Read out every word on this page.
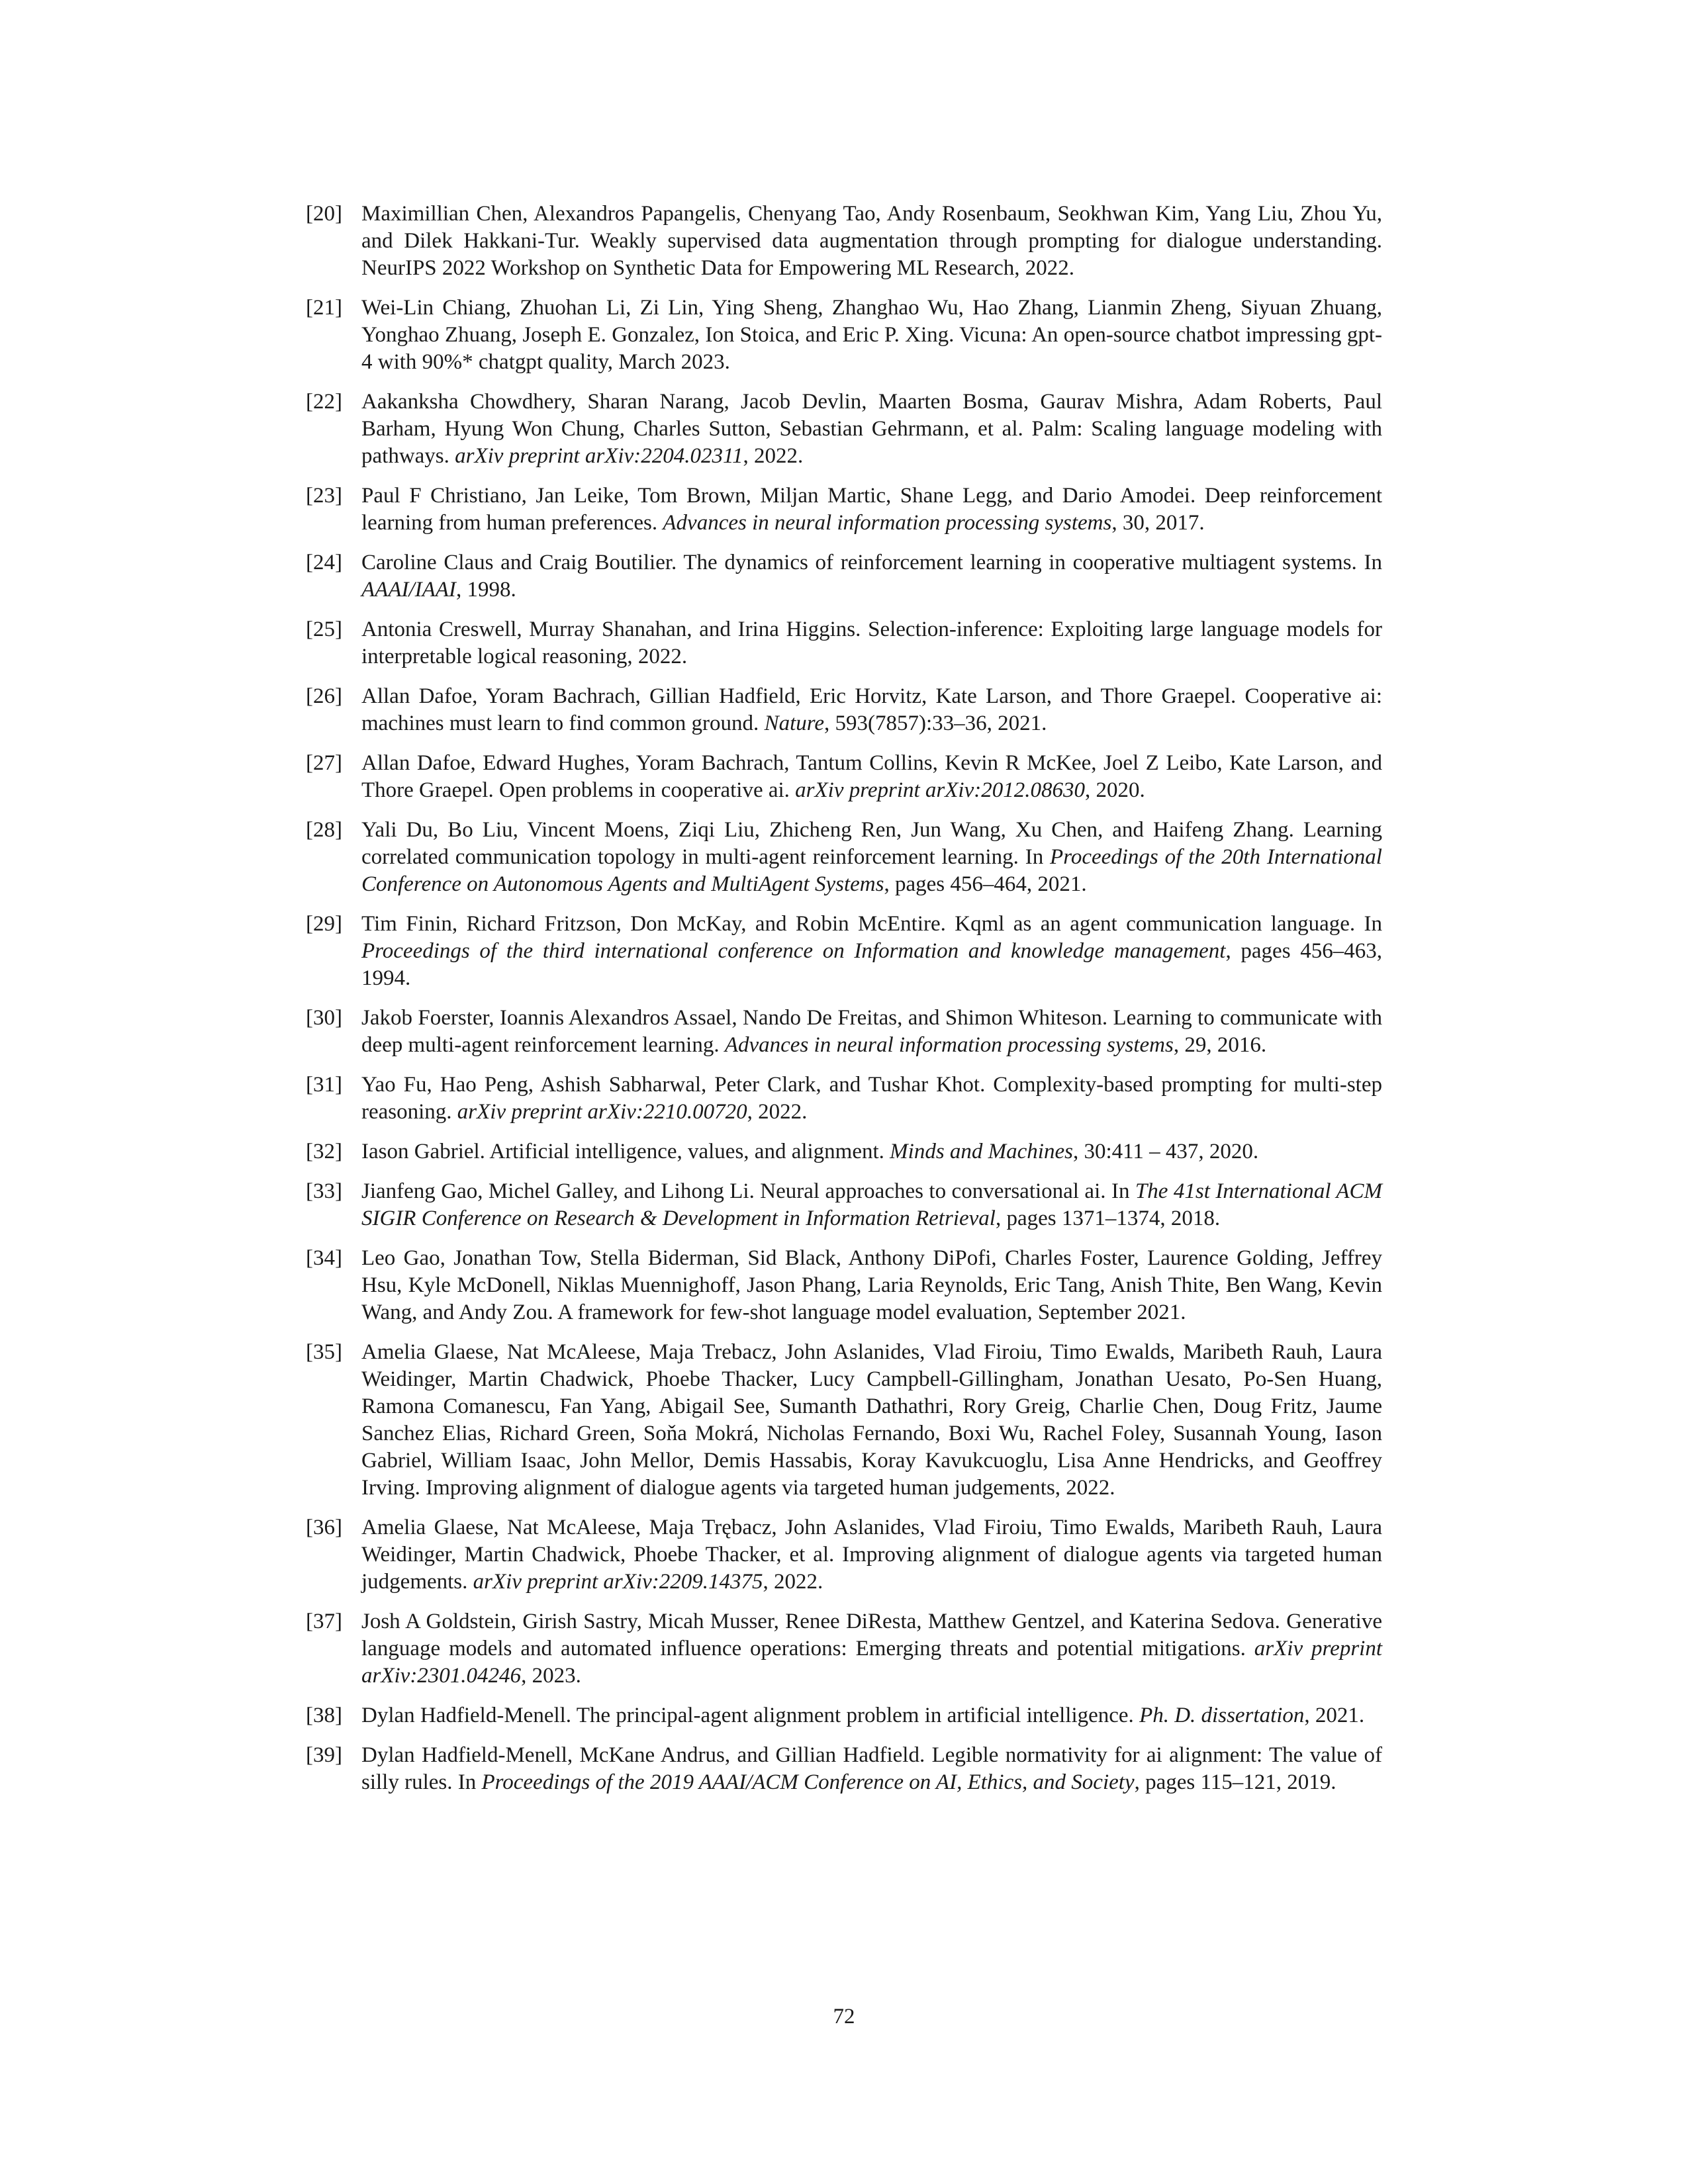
[20] Maximillian Chen, Alexandros Papangelis, Chenyang Tao, Andy Rosenbaum, Seokhwan Kim, Yang Liu, Zhou Yu, and Dilek Hakkani-Tur. Weakly supervised data augmentation through prompting for dialogue understanding. NeurIPS 2022 Workshop on Synthetic Data for Empowering ML Research, 2022.
[21] Wei-Lin Chiang, Zhuohan Li, Zi Lin, Ying Sheng, Zhanghao Wu, Hao Zhang, Lianmin Zheng, Siyuan Zhuang, Yonghao Zhuang, Joseph E. Gonzalez, Ion Stoica, and Eric P. Xing. Vicuna: An open-source chatbot impressing gpt-4 with 90%* chatgpt quality, March 2023.
[22] Aakanksha Chowdhery, Sharan Narang, Jacob Devlin, Maarten Bosma, Gaurav Mishra, Adam Roberts, Paul Barham, Hyung Won Chung, Charles Sutton, Sebastian Gehrmann, et al. Palm: Scaling language modeling with pathways. arXiv preprint arXiv:2204.02311, 2022.
[23] Paul F Christiano, Jan Leike, Tom Brown, Miljan Martic, Shane Legg, and Dario Amodei. Deep reinforcement learning from human preferences. Advances in neural information processing systems, 30, 2017.
[24] Caroline Claus and Craig Boutilier. The dynamics of reinforcement learning in cooperative multiagent systems. In AAAI/IAAI, 1998.
[25] Antonia Creswell, Murray Shanahan, and Irina Higgins. Selection-inference: Exploiting large language models for interpretable logical reasoning, 2022.
[26] Allan Dafoe, Yoram Bachrach, Gillian Hadfield, Eric Horvitz, Kate Larson, and Thore Graepel. Cooperative ai: machines must learn to find common ground. Nature, 593(7857):33–36, 2021.
[27] Allan Dafoe, Edward Hughes, Yoram Bachrach, Tantum Collins, Kevin R McKee, Joel Z Leibo, Kate Larson, and Thore Graepel. Open problems in cooperative ai. arXiv preprint arXiv:2012.08630, 2020.
[28] Yali Du, Bo Liu, Vincent Moens, Ziqi Liu, Zhicheng Ren, Jun Wang, Xu Chen, and Haifeng Zhang. Learning correlated communication topology in multi-agent reinforcement learning. In Proceedings of the 20th International Conference on Autonomous Agents and MultiAgent Systems, pages 456–464, 2021.
[29] Tim Finin, Richard Fritzson, Don McKay, and Robin McEntire. Kqml as an agent communication language. In Proceedings of the third international conference on Information and knowledge management, pages 456–463, 1994.
[30] Jakob Foerster, Ioannis Alexandros Assael, Nando De Freitas, and Shimon Whiteson. Learning to communicate with deep multi-agent reinforcement learning. Advances in neural information processing systems, 29, 2016.
[31] Yao Fu, Hao Peng, Ashish Sabharwal, Peter Clark, and Tushar Khot. Complexity-based prompting for multi-step reasoning. arXiv preprint arXiv:2210.00720, 2022.
[32] Iason Gabriel. Artificial intelligence, values, and alignment. Minds and Machines, 30:411 – 437, 2020.
[33] Jianfeng Gao, Michel Galley, and Lihong Li. Neural approaches to conversational ai. In The 41st International ACM SIGIR Conference on Research & Development in Information Retrieval, pages 1371–1374, 2018.
[34] Leo Gao, Jonathan Tow, Stella Biderman, Sid Black, Anthony DiPofi, Charles Foster, Laurence Golding, Jeffrey Hsu, Kyle McDonell, Niklas Muennighoff, Jason Phang, Laria Reynolds, Eric Tang, Anish Thite, Ben Wang, Kevin Wang, and Andy Zou. A framework for few-shot language model evaluation, September 2021.
[35] Amelia Glaese, Nat McAleese, Maja Trebacz, John Aslanides, Vlad Firoiu, Timo Ewalds, Maribeth Rauh, Laura Weidinger, Martin Chadwick, Phoebe Thacker, Lucy Campbell-Gillingham, Jonathan Uesato, Po-Sen Huang, Ramona Comanescu, Fan Yang, Abigail See, Sumanth Dathathri, Rory Greig, Charlie Chen, Doug Fritz, Jaume Sanchez Elias, Richard Green, Soňa Mokrá, Nicholas Fernando, Boxi Wu, Rachel Foley, Susannah Young, Iason Gabriel, William Isaac, John Mellor, Demis Hassabis, Koray Kavukcuoglu, Lisa Anne Hendricks, and Geoffrey Irving. Improving alignment of dialogue agents via targeted human judgements, 2022.
[36] Amelia Glaese, Nat McAleese, Maja Trębacz, John Aslanides, Vlad Firoiu, Timo Ewalds, Maribeth Rauh, Laura Weidinger, Martin Chadwick, Phoebe Thacker, et al. Improving alignment of dialogue agents via targeted human judgements. arXiv preprint arXiv:2209.14375, 2022.
[37] Josh A Goldstein, Girish Sastry, Micah Musser, Renee DiResta, Matthew Gentzel, and Katerina Sedova. Generative language models and automated influence operations: Emerging threats and potential mitigations. arXiv preprint arXiv:2301.04246, 2023.
[38] Dylan Hadfield-Menell. The principal-agent alignment problem in artificial intelligence. Ph. D. dissertation, 2021.
[39] Dylan Hadfield-Menell, McKane Andrus, and Gillian Hadfield. Legible normativity for ai alignment: The value of silly rules. In Proceedings of the 2019 AAAI/ACM Conference on AI, Ethics, and Society, pages 115–121, 2019.
72
